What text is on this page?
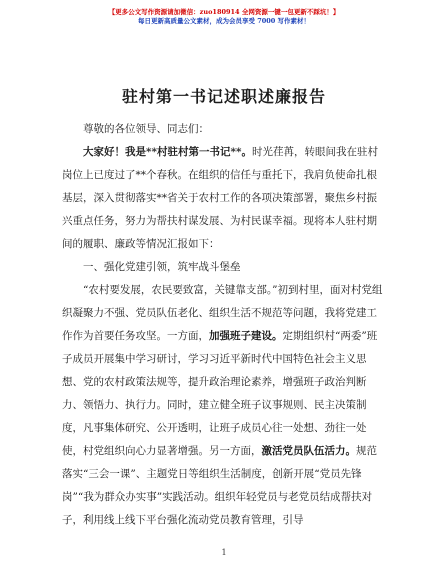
【更多公文写作资源请加微信：zuo180914 全网资源一键一包更新不踩坑！】
每日更新高质量公文素材，成为会员享受 7000 写作素材！
驻村第一书记述职述廉报告

尊敬的各位领导、同志们：

大家好！我是**村驻村第一书记**。时光荏苒，转眼间我在驻村岗位上已度过了**个春秋。在组织的信任与重托下，我肩负使命扎根基层，深入贯彻落实**省关于农村工作的各项决策部署，聚焦乡村振兴重点任务，努力为帮扶村谋发展、为村民谋幸福。现将本人驻村期间的履职、廉政等情况汇报如下：

一、强化党建引领，筑牢战斗堡垒

“农村要发展，农民要致富，关键靠支部。”初到村里，面对村党组织凝聚力不强、党员队伍老化、组织生活不规范等问题，我将党建工作作为首要任务攻坚。一方面，加强班子建设。定期组织村“两委”班子成员开展集中学习研讨，学习习近平新时代中国特色社会主义思想、党的农村政策法规等，提升政治理论素养，增强班子政治判断力、领悟力、执行力。同时，建立健全班子议事规则、民主决策制度，凡事集体研究、公开透明，让班子成员心往一处想、劲往一处使，村党组织向心力显著增强。另一方面，激活党员队伍活力。规范落实“三会一课”、主题党日等组织生活制度，创新开展“党员先锋岗”“我为群众办实事”实践活动。组织年轻党员与老党员结成帮扶对子，利用线上线下平台强化流动党员教育管理，引导

1
